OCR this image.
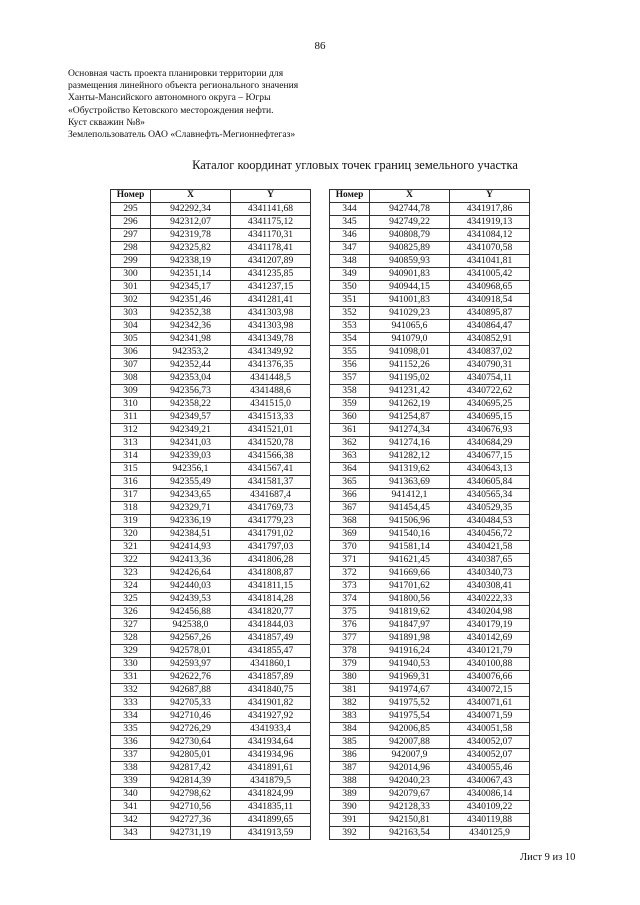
86
Основная часть проекта планировки территории для
размещения линейного объекта регионального значения
Ханты-Мансийского автономного округа – Югры
«Обустройство Кетовского месторождения нефти.
Куст скважин №8»
Землепользователь ОАО «Славнефть-Мегионнефтегаз»
Каталог координат угловых точек границ земельного участка
Номер	X	Y
295	942292,34	4341141,68
296	942312,07	4341175,12
297	942319,78	4341170,31
298	942325,82	4341178,41
299	942338,19	4341207,89
300	942351,14	4341235,85
301	942345,17	4341237,15
302	942351,46	4341281,41
303	942352,38	4341303,98
304	942342,36	4341303,98
305	942341,98	4341349,78
306	942353,2	4341349,92
307	942352,44	4341376,35
308	942353,04	4341448,5
309	942356,73	4341488,6
310	942358,22	4341515,0
311	942349,57	4341513,33
312	942349,21	4341521,01
313	942341,03	4341520,78
314	942339,03	4341566,38
315	942356,1	4341567,41
316	942355,49	4341581,37
317	942343,65	4341687,4
318	942329,71	4341769,73
319	942336,19	4341779,23
320	942384,51	4341791,02
321	942414,93	4341797,03
322	942413,36	4341806,28
323	942426,64	4341808,87
324	942440,03	4341811,15
325	942439,53	4341814,28
326	942456,88	4341820,77
327	942538,0	4341844,03
328	942567,26	4341857,49
329	942578,01	4341855,47
330	942593,97	4341860,1
331	942622,76	4341857,89
332	942687,88	4341840,75
333	942705,33	4341901,82
334	942710,46	4341927,92
335	942726,29	4341933,4
336	942730,64	4341934,64
337	942805,01	4341934,96
338	942817,42	4341891,61
339	942814,39	4341879,5
340	942798,62	4341824,99
341	942710,56	4341835,11
342	942727,36	4341899,65
343	942731,19	4341913,59
Номер	X	Y
344	942744,78	4341917,86
345	942749,22	4341919,13
346	940808,79	4341084,12
347	940825,89	4341070,58
348	940859,93	4341041,81
349	940901,83	4341005,42
350	940944,15	4340968,65
351	941001,83	4340918,54
352	941029,23	4340895,87
353	941065,6	4340864,47
354	941079,0	4340852,91
355	941098,01	4340837,02
356	941152,26	4340790,31
357	941195,02	4340754,11
358	941231,42	4340722,62
359	941262,19	4340695,25
360	941254,87	4340695,15
361	941274,34	4340676,93
362	941274,16	4340684,29
363	941282,12	4340677,15
364	941319,62	4340643,13
365	941363,69	4340605,84
366	941412,1	4340565,34
367	941454,45	4340529,35
368	941506,96	4340484,53
369	941540,16	4340456,72
370	941581,14	4340421,58
371	941621,45	4340387,65
372	941669,66	4340340,73
373	941701,62	4340308,41
374	941800,56	4340222,33
375	941819,62	4340204,98
376	941847,97	4340179,19
377	941891,98	4340142,69
378	941916,24	4340121,79
379	941940,53	4340100,88
380	941969,31	4340076,66
381	941974,67	4340072,15
382	941975,52	4340071,61
383	941975,54	4340071,59
384	942006,85	4340051,58
385	942007,88	4340052,07
386	942007,9	4340052,07
387	942014,96	4340055,46
388	942040,23	4340067,43
389	942079,67	4340086,14
390	942128,33	4340109,22
391	942150,81	4340119,88
392	942163,54	4340125,9
Лист 9 из 10
